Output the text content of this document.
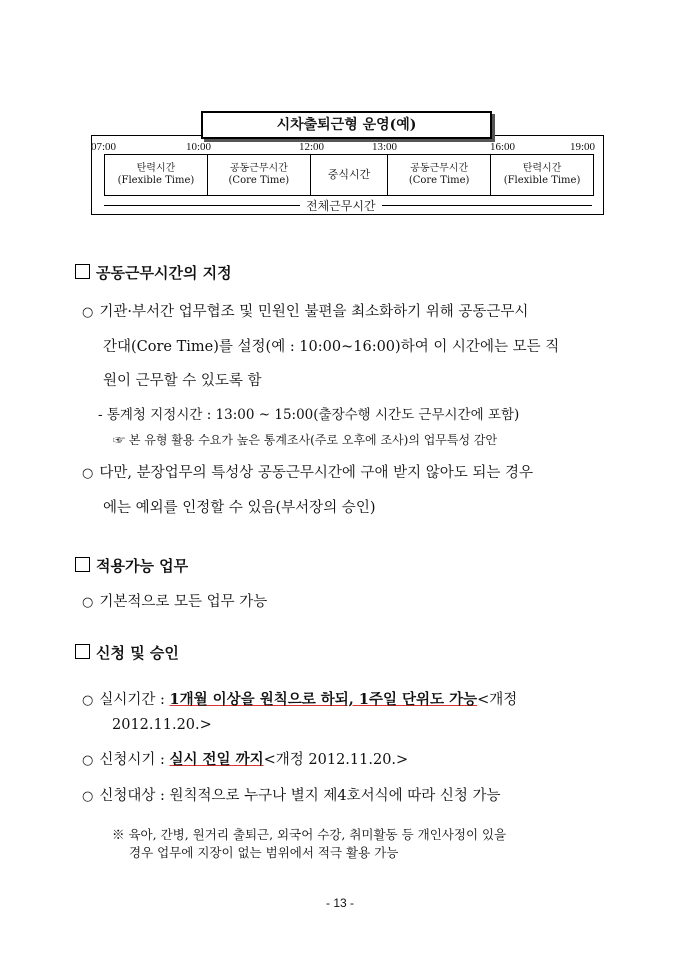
시차출퇴근형 운영(예)
07:00	10:00	12:00	13:00	16:00	19:00
탄력시간
(Flexible Time)
공동근무시간
(Core Time)	중식시간	공동근무시간
(Core Time)
탄력시간
(Flexible Time)
전체근무시간
공동근무시간의 지정
○ 기관·부서간 업무협조 및 민원인 불편을 최소화하기 위해 공동근무시
간대(Core Time)를 설정(예 : 10:00~16:00)하여 이 시간에는 모든 직
원이 근무할 수 있도록 함
- 통계청 지정시간 : 13:00 ~ 15:00(출장수행 시간도 근무시간에 포함)
☞ 본 유형 활용 수요가 높은 통계조사(주로 오후에 조사)의 업무특성 감안
○ 다만, 분장업무의 특성상 공동근무시간에 구애 받지 않아도 되는 경우
에는 예외를 인정할 수 있음(부서장의 승인)
적용가능 업무
○ 기본적으로 모든 업무 가능
신청 및 승인
○ 실시기간 : 1개월 이상을 원칙으로 하되, 1주일 단위도 가능<개정
2012.11.20.>
○ 신청시기 : 실시 전일 까지<개정 2012.11.20.>
○ 신청대상 : 원칙적으로 누구나 별지 제4호서식에 따라 신청 가능
※ 육아, 간병, 원거리 출퇴근, 외국어 수강, 취미활동 등 개인사정이 있을
경우 업무에 지장이 없는 범위에서 적극 활용 가능
- 13 -
